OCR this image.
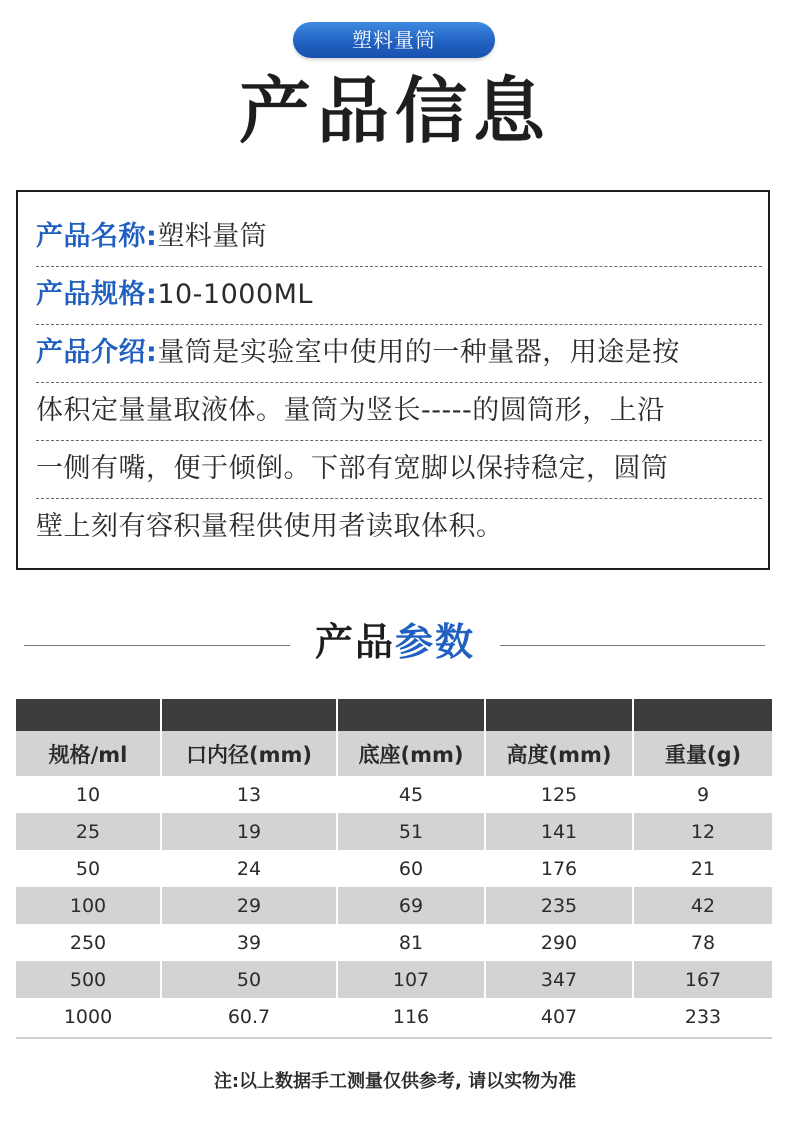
塑料量筒
产品信息
产品名称:塑料量筒
产品规格:10-1000ML
产品介绍:量筒是实验室中使用的一种量器，用途是按
体积定量量取液体。量筒为竖长-----的圆筒形，上沿
一侧有嘴，便于倾倒。下部有宽脚以保持稳定，圆筒
壁上刻有容积量程供使用者读取体积。
产品参数
规格/ml	口内径(mm)	底座(mm)	高度(mm)	重量(g)
10	13	45	125	9
25	19	51	141	12
50	24	60	176	21
100	29	69	235	42
250	39	81	290	78
500	50	107	347	167
1000	60.7	116	407	233
注:以上数据手工测量仅供参考, 请以实物为准
